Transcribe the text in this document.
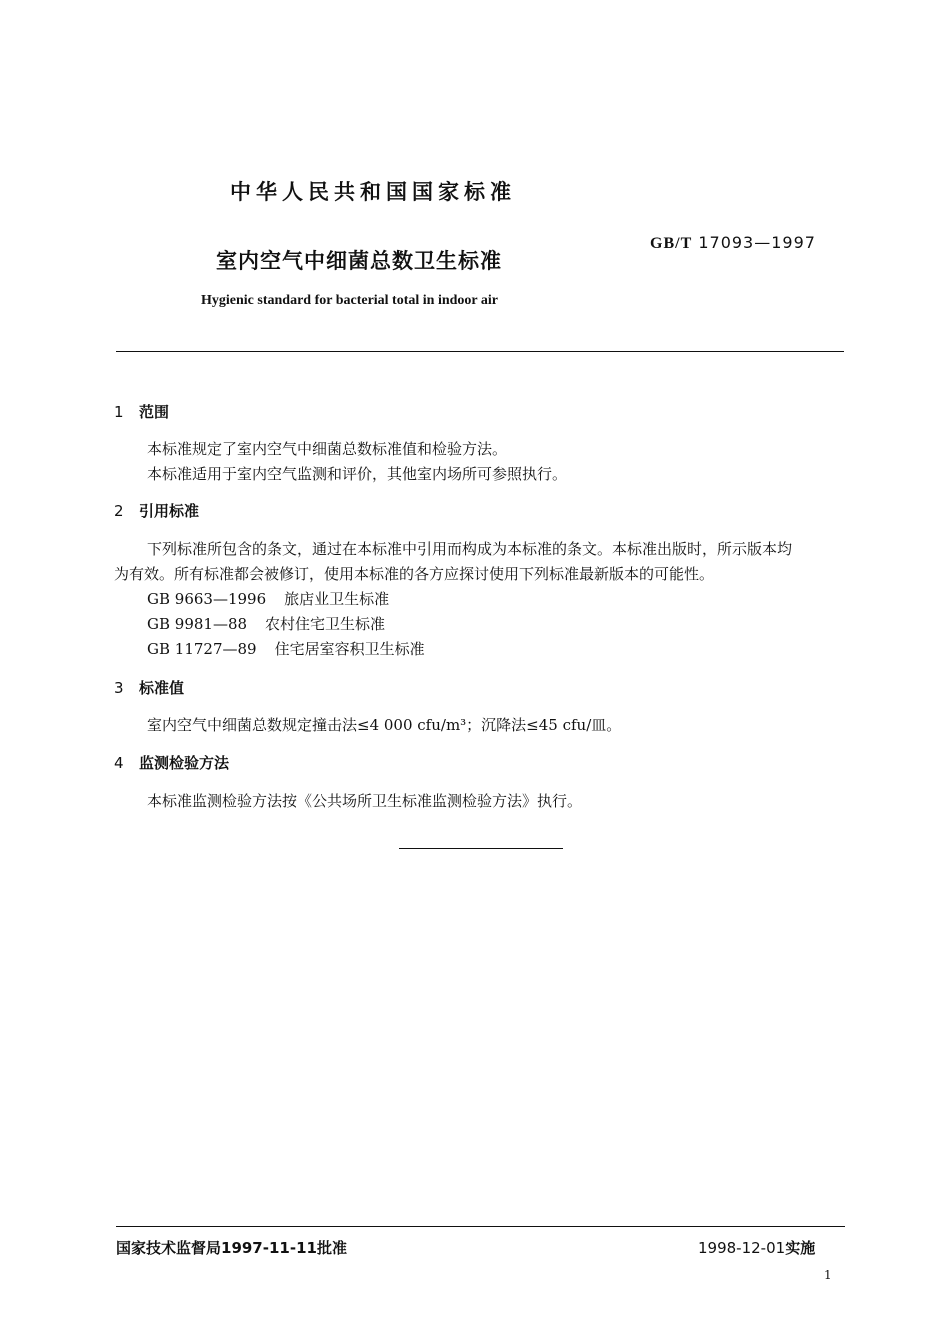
中华人民共和国国家标准
室内空气中细菌总数卫生标准
GB/T 17093—1997
Hygienic standard for bacterial total in indoor air
1 范围
本标准规定了室内空气中细菌总数标准值和检验方法。
本标准适用于室内空气监测和评价，其他室内场所可参照执行。
2 引用标准
下列标准所包含的条文，通过在本标准中引用而构成为本标准的条文。本标准出版时，所示版本均
为有效。所有标准都会被修订，使用本标准的各方应探讨使用下列标准最新版本的可能性。
GB 9663—1996 旅店业卫生标准
GB 9981—88 农村住宅卫生标准
GB 11727—89 住宅居室容积卫生标准
3 标准值
室内空气中细菌总数规定撞击法≤4 000 cfu/m³；沉降法≤45 cfu/皿。
4 监测检验方法
本标准监测检验方法按《公共场所卫生标准监测检验方法》执行。
国家技术监督局1997-11-11批准	1998-12-01实施
1
